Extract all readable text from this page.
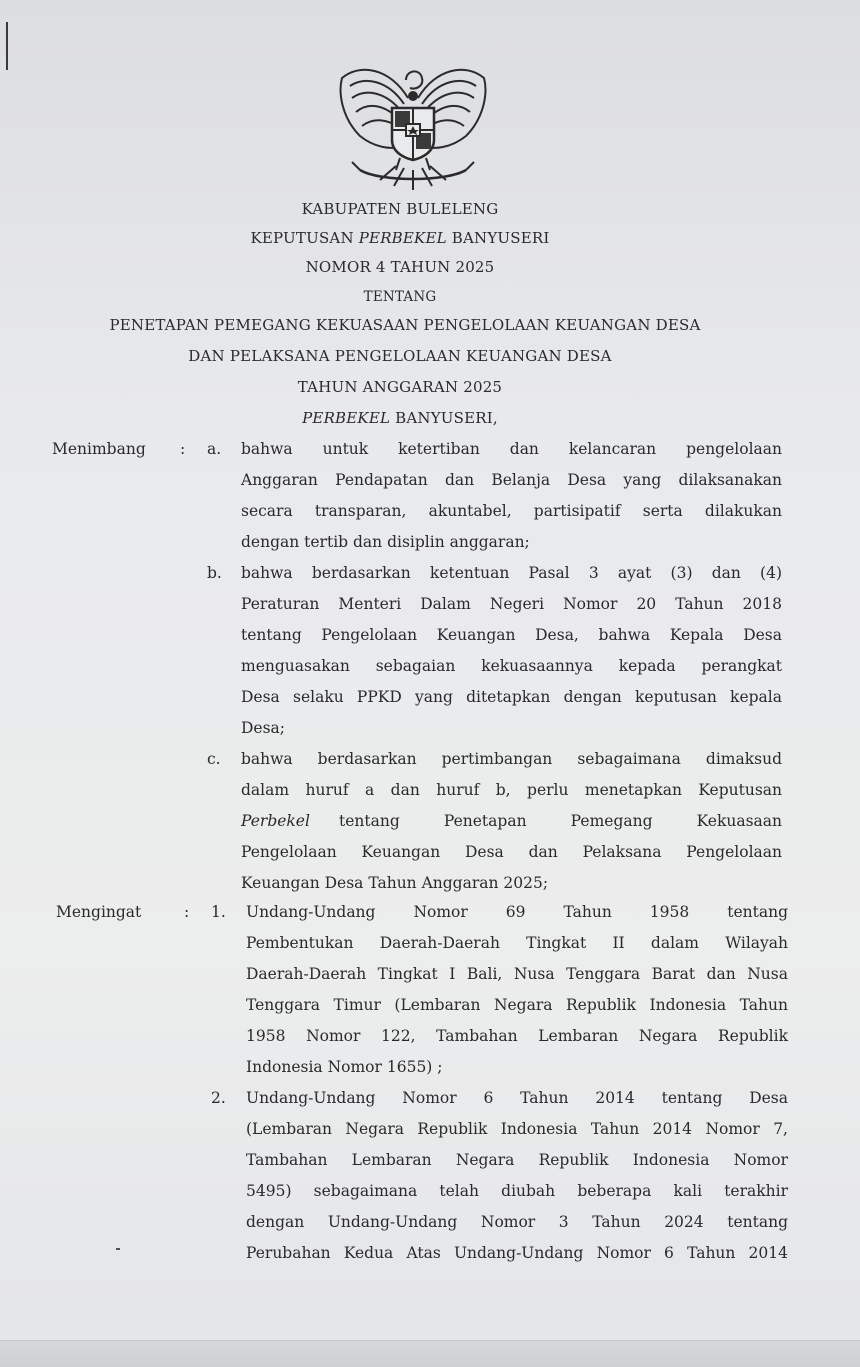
KABUPATEN BULELENG
KEPUTUSAN PERBEKEL BANYUSERI
NOMOR 4 TAHUN 2025
TENTANG
PENETAPAN PEMEGANG KEKUASAAN PENGELOLAAN KEUANGAN DESA
DAN PELAKSANA PENGELOLAAN KEUANGAN DESA
TAHUN ANGGARAN 2025
PERBEKEL BANYUSERI,
Menimbang : a. bahwa untuk ketertiban dan kelancaran pengelolaan
Anggaran Pendapatan dan Belanja Desa yang dilaksanakan
secara transparan, akuntabel, partisipatif serta dilakukan
dengan tertib dan disiplin anggaran;
b. bahwa berdasarkan ketentuan Pasal 3 ayat (3) dan (4)
Peraturan Menteri Dalam Negeri Nomor 20 Tahun 2018
tentang Pengelolaan Keuangan Desa, bahwa Kepala Desa
menguasakan sebagaian kekuasaannya kepada perangkat
Desa selaku PPKD yang ditetapkan dengan keputusan kepala
Desa;
c. bahwa berdasarkan pertimbangan sebagaimana dimaksud
dalam huruf a dan huruf b, perlu menetapkan Keputusan
Perbekel tentang Penetapan Pemegang Kekuasaan
Pengelolaan Keuangan Desa dan Pelaksana Pengelolaan
Keuangan Desa Tahun Anggaran 2025;
Mengingat	: 1. Undang-Undang Nomor 69 Tahun 1958 tentang
Pembentukan Daerah-Daerah Tingkat II dalam Wilayah
Daerah-Daerah Tingkat I Bali, Nusa Tenggara Barat dan Nusa
Tenggara Timur (Lembaran Negara Republik Indonesia Tahun
1958 Nomor 122, Tambahan Lembaran Negara Republik
Indonesia Nomor 1655) ;
2. Undang-Undang Nomor 6 Tahun 2014 tentang Desa
(Lembaran Negara Republik Indonesia Tahun 2014 Nomor 7,
Tambahan Lembaran Negara Republik Indonesia Nomor
5495) sebagaimana telah diubah beberapa kali terakhir
dengan Undang-Undang Nomor 3 Tahun 2024 tentang
Perubahan Kedua Atas Undang-Undang Nomor 6 Tahun 2014
